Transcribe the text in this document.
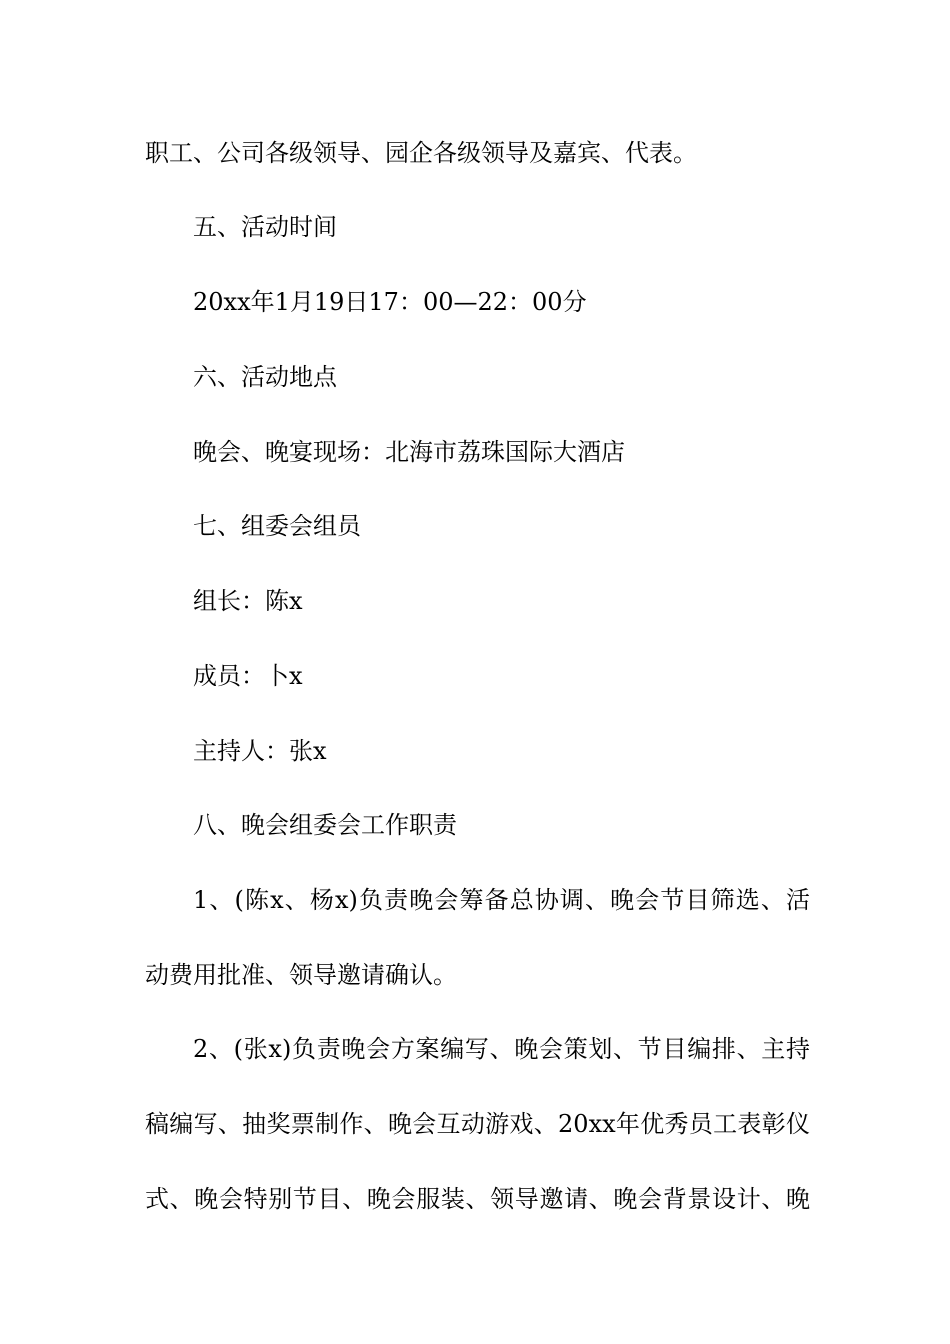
职工、公司各级领导、园企各级领导及嘉宾、代表。
五、活动时间
20xx年1月19日17：00—22：00分
六、活动地点
晚会、晚宴现场：北海市荔珠国际大酒店
七、组委会组员
组长：陈x
成员：卜x
主持人：张x
八、晚会组委会工作职责
1、(陈x、杨x)负责晚会筹备总协调、晚会节目筛选、活
动费用批准、领导邀请确认。
2、(张x)负责晚会方案编写、晚会策划、节目编排、主持
稿编写、抽奖票制作、晚会互动游戏、20xx年优秀员工表彰仪
式、晚会特别节目、晚会服装、领导邀请、晚会背景设计、晚
